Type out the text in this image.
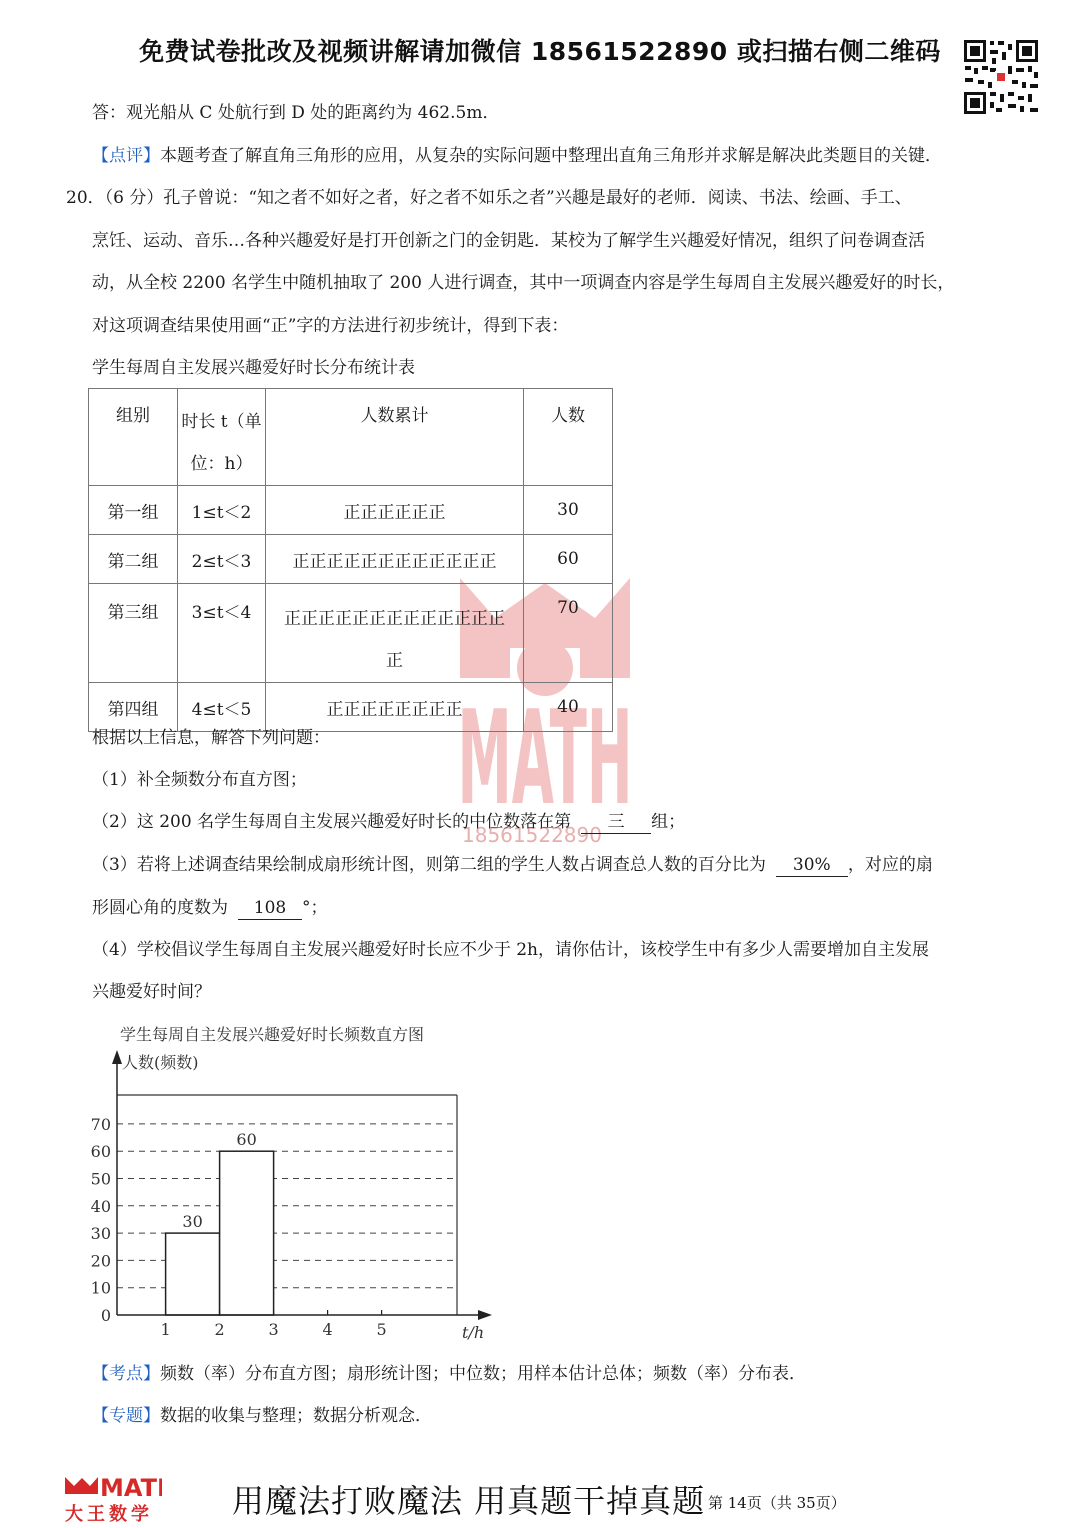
免费试卷批改及视频讲解请加微信 18561522890 或扫描右侧二维码
答：观光船从 C 处航行到 D 处的距离约为 462.5m．
【点评】本题考查了解直角三角形的应用，从复杂的实际问题中整理出直角三角形并求解是解决此类题目的关键．
20．（6 分）孔子曾说：“知之者不如好之者，好之者不如乐之者”兴趣是最好的老师．阅读、书法、绘画、手工、
烹饪、运动、音乐…各种兴趣爱好是打开创新之门的金钥匙．某校为了解学生兴趣爱好情况，组织了问卷调查活
动，从全校 2200 名学生中随机抽取了 200 人进行调查，其中一项调查内容是学生每周自主发展兴趣爱好的时长，
对这项调查结果使用画“正”字的方法进行初步统计，得到下表：
学生每周自主发展兴趣爱好时长分布统计表
MATH
18561522890
组别	时长 t（单
位：h）	人数累计	人数
第一组	1≤t＜2	正正正正正正	30
第二组	2≤t＜3	正正正正正正正正正正正正	60
第三组	3≤t＜4	正正正正正正正正正正正正正
正	70
第四组	4≤t＜5	正正正正正正正正	40
根据以上信息，解答下列问题：
（1）补全频数分布直方图；
（2）这 200 名学生每周自主发展兴趣爱好时长的中位数落在第 三 组；
（3）若将上述调查结果绘制成扇形统计图，则第二组的学生人数占调查总人数的百分比为 30% ，对应的扇
形圆心角的度数为 108 °；
（4）学校倡议学生每周自主发展兴趣爱好时长应不少于 2h，请你估计，该校学生中有多少人需要增加自主发展
兴趣爱好时间？
学生每周自主发展兴趣爱好时长频数直方图
人数(频数)
30
60
0
10
20
30
40
50
60
70
1	2	3	4	5	t/h
【考点】频数（率）分布直方图；扇形统计图；中位数；用样本估计总体；频数（率）分布表．
【专题】数据的收集与整理；数据分析观念．
MAT
大王数学 用魔法打败魔法 用真题干掉真题 第 14页（共 35页）
